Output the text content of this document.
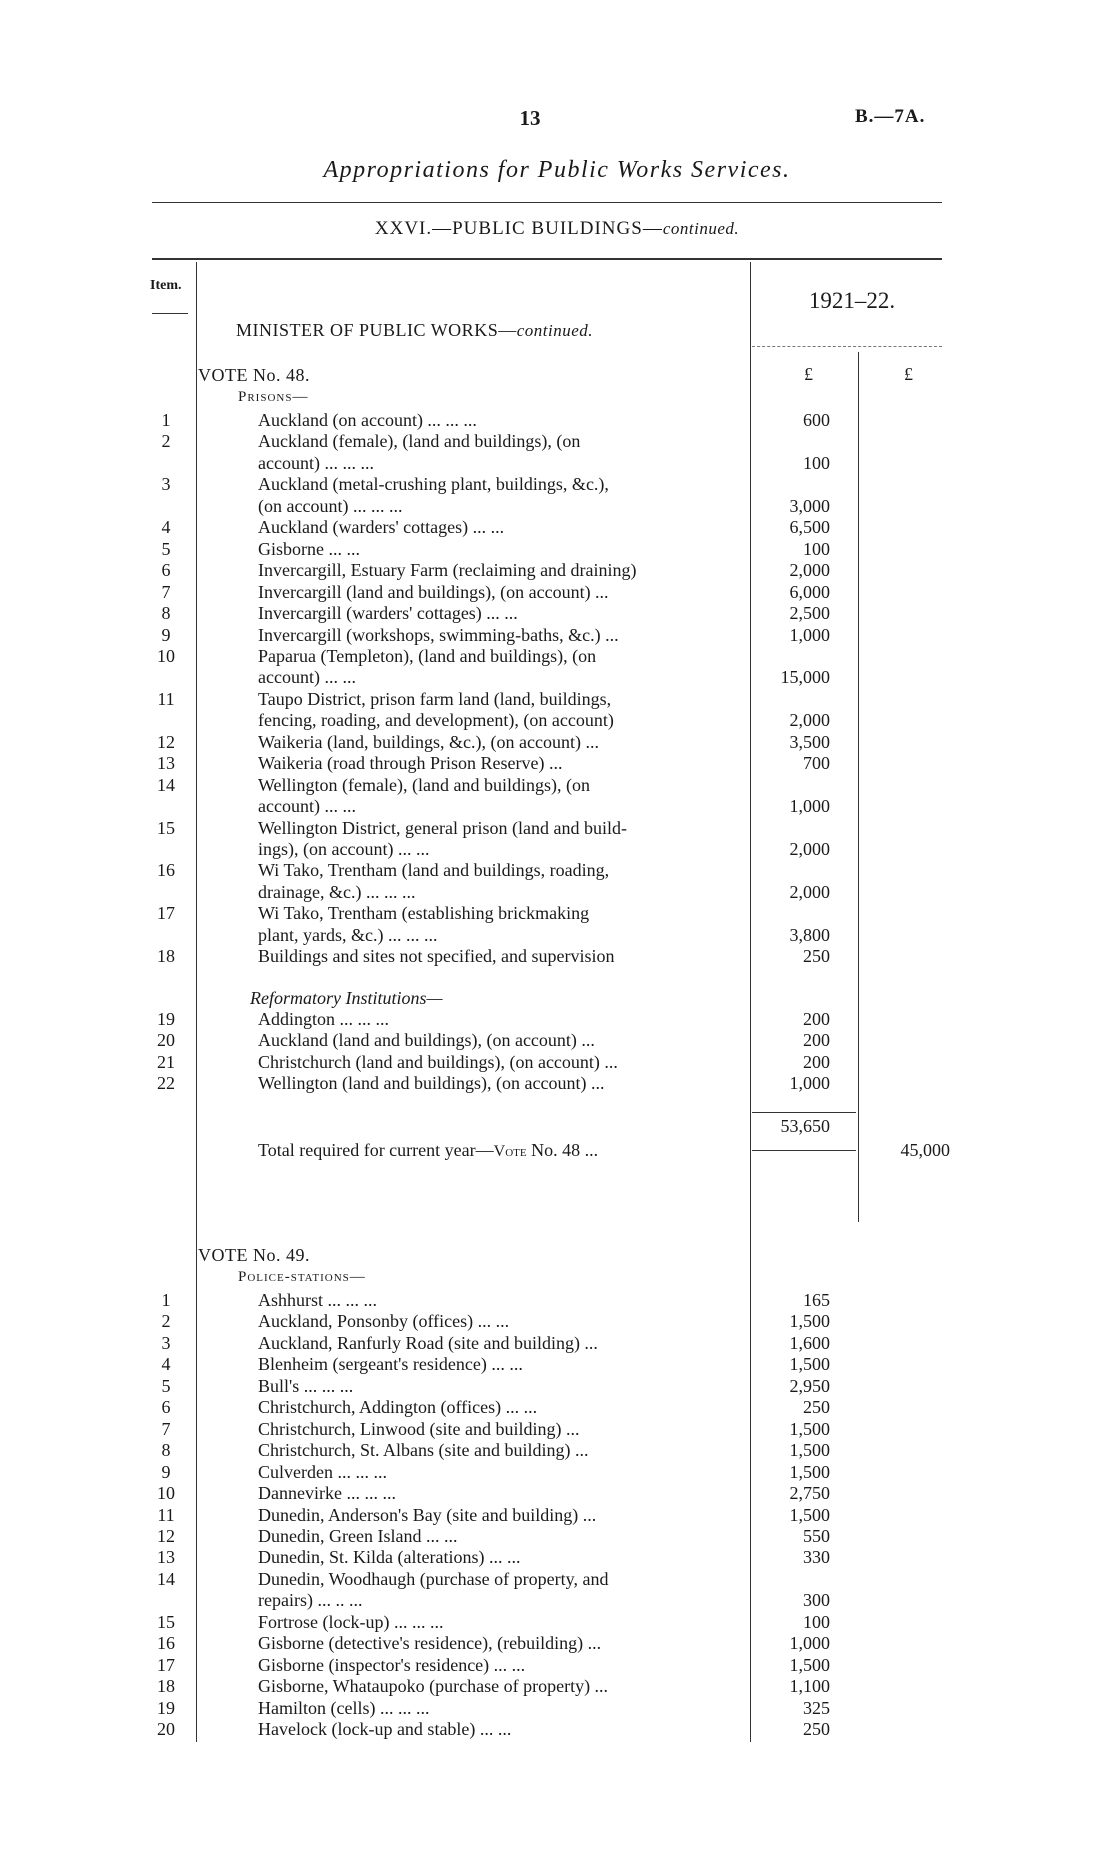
13	B.—7A.
Appropriations for Public Works Services.
XXVI.—PUBLIC BUILDINGS—continued.
Item.
1921–22.
MINISTER OF PUBLIC WORKS—continued.
£	£
VOTE No. 48.
Prisons—
1	Auckland (on account) ... ... ...	600
2	Auckland (female), (land and buildings), (on
account) ... ... ...	100
3	Auckland (metal-crushing plant, buildings, &c.),
(on account) ... ... ...	3,000
4	Auckland (warders' cottages) ... ...	6,500
5	Gisborne ... ...	100
6	Invercargill, Estuary Farm (reclaiming and draining)	2,000
7	Invercargill (land and buildings), (on account) ...	6,000
8	Invercargill (warders' cottages) ... ...	2,500
9	Invercargill (workshops, swimming-baths, &c.) ...	1,000
10	Paparua (Templeton), (land and buildings), (on
account) ... ...	15,000
11	Taupo District, prison farm land (land, buildings,
fencing, roading, and development), (on account)	2,000
12	Waikeria (land, buildings, &c.), (on account) ...	3,500
13	Waikeria (road through Prison Reserve) ...	700
14	Wellington (female), (land and buildings), (on
account) ... ...	1,000
15	Wellington District, general prison (land and build-
ings), (on account) ... ...	2,000
16	Wi Tako, Trentham (land and buildings, roading,
drainage, &c.) ... ... ...	2,000
17	Wi Tako, Trentham (establishing brickmaking
plant, yards, &c.) ... ... ...	3,800
18	Buildings and sites not specified, and supervision	250
Reformatory Institutions—
19	Addington ... ... ...	200
20	Auckland (land and buildings), (on account) ...	200
21	Christchurch (land and buildings), (on account) ...	200
22	Wellington (land and buildings), (on account) ...	1,000
53,650
Total required for current year—Vote No. 48 ...	45,000
VOTE No. 49.
Police-stations—
1	Ashhurst ... ... ...	165
2	Auckland, Ponsonby (offices) ... ...	1,500
3	Auckland, Ranfurly Road (site and building) ...	1,600
4	Blenheim (sergeant's residence) ... ...	1,500
5	Bull's ... ... ...	2,950
6	Christchurch, Addington (offices) ... ...	250
7	Christchurch, Linwood (site and building) ...	1,500
8	Christchurch, St. Albans (site and building) ...	1,500
9	Culverden ... ... ...	1,500
10	Dannevirke ... ... ...	2,750
11	Dunedin, Anderson's Bay (site and building) ...	1,500
12	Dunedin, Green Island ... ...	550
13	Dunedin, St. Kilda (alterations) ... ...	330
14	Dunedin, Woodhaugh (purchase of property, and
repairs) ... .. ...	300
15	Fortrose (lock-up) ... ... ...	100
16	Gisborne (detective's residence), (rebuilding) ...	1,000
17	Gisborne (inspector's residence) ... ...	1,500
18	Gisborne, Whataupoko (purchase of property) ...	1,100
19	Hamilton (cells) ... ... ...	325
20	Havelock (lock-up and stable) ... ...	250
